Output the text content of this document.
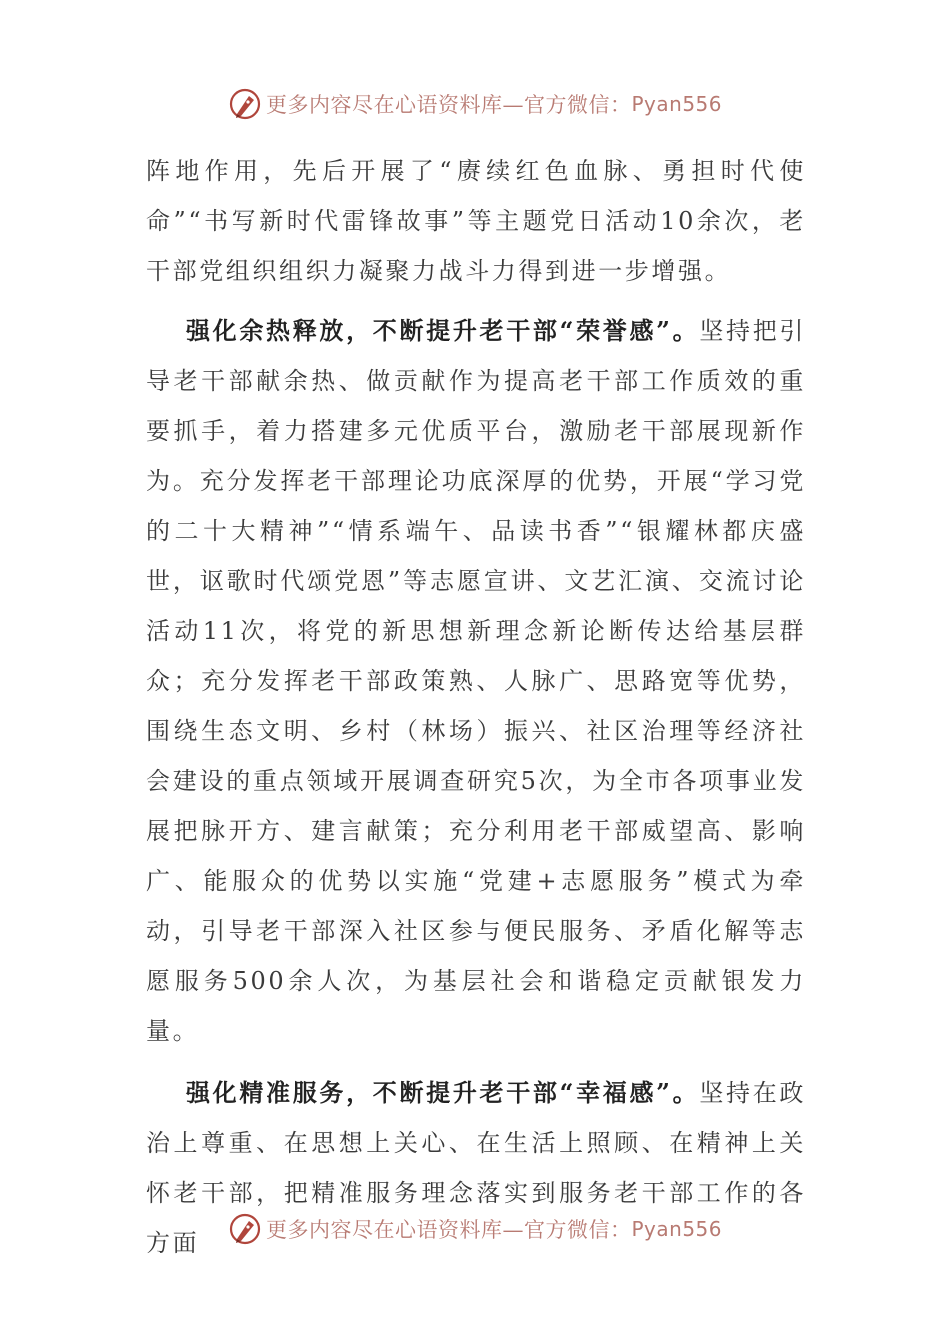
更多内容尽在心语资料库—官方微信： Pyan556

阵地作用，先后开展了“赓续红色血脉、勇担时代使命”“书写新时代雷锋故事”等主题党日活动10余次，老干部党组织组织力凝聚力战斗力得到进一步增强。

强化余热释放，不断提升老干部“荣誉感”。坚持把引导老干部献余热、做贡献作为提高老干部工作质效的重要抓手，着力搭建多元优质平台，激励老干部展现新作为。充分发挥老干部理论功底深厚的优势，开展“学习党的二十大精神”“情系端午、品读书香”“银耀林都庆盛世，讴歌时代颂党恩”等志愿宣讲、文艺汇演、交流讨论活动11次，将党的新思想新理念新论断传达给基层群众；充分发挥老干部政策熟、人脉广、思路宽等优势，围绕生态文明、乡村（林场）振兴、社区治理等经济社会建设的重点领域开展调查研究5次，为全市各项事业发展把脉开方、建言献策；充分利用老干部威望高、影响广、能服众的优势以实施“党建+志愿服务”模式为牵动，引导老干部深入社区参与便民服务、矛盾化解等志愿服务500余人次，为基层社会和谐稳定贡献银发力量。

强化精准服务，不断提升老干部“幸福感”。坚持在政治上尊重、在思想上关心、在生活上照顾、在精神上关怀老干部，把精准服务理念落实到服务老干部工作的各方面	更多内容尽在心语资料库—官方微信： Pyan556
